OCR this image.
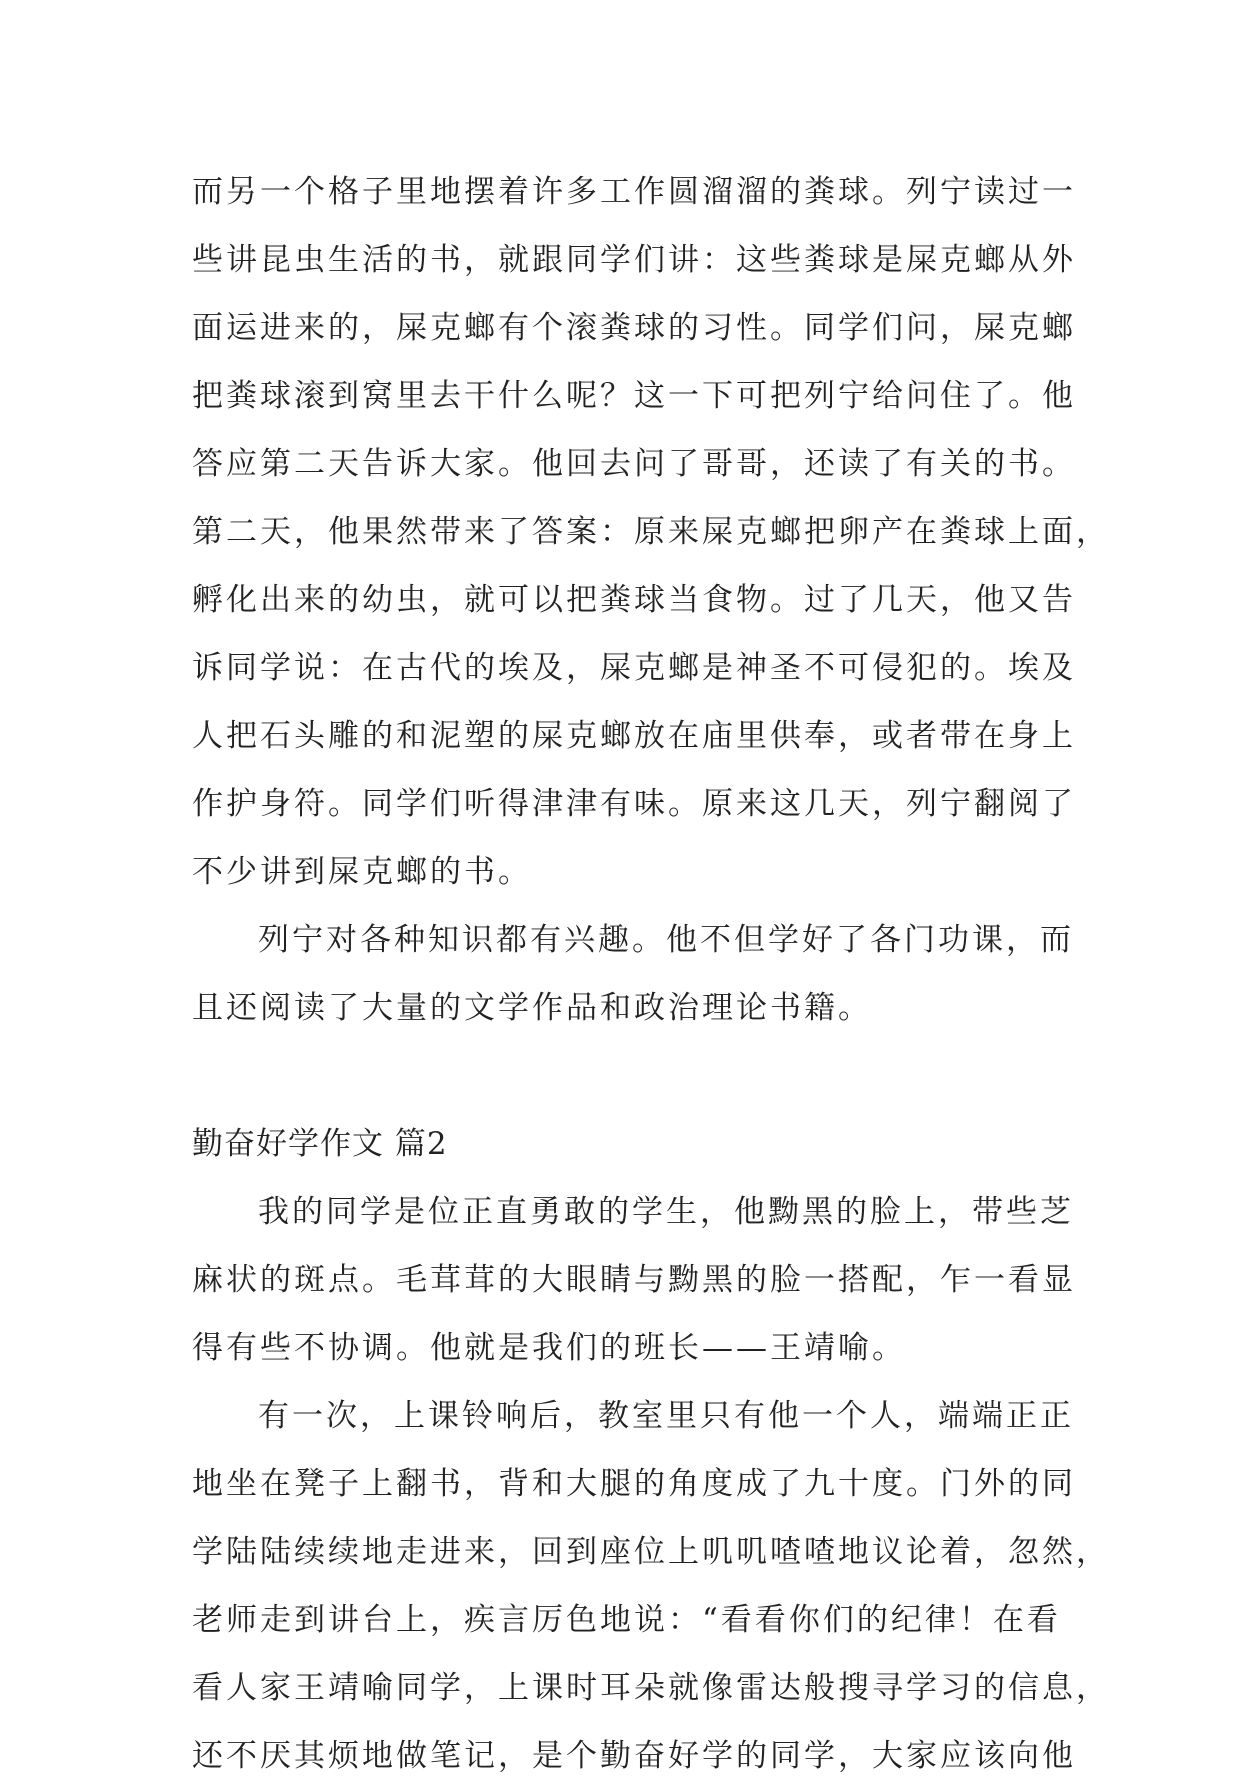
而另一个格子里地摆着许多工作圆溜溜的粪球。列宁读过一
些讲昆虫生活的书，就跟同学们讲：这些粪球是屎克螂从外
面运进来的，屎克螂有个滚粪球的习性。同学们问，屎克螂
把粪球滚到窝里去干什么呢？这一下可把列宁给问住了。他
答应第二天告诉大家。他回去问了哥哥，还读了有关的书。
第二天，他果然带来了答案：原来屎克螂把卵产在粪球上面，
孵化出来的幼虫，就可以把粪球当食物。过了几天，他又告
诉同学说：在古代的埃及，屎克螂是神圣不可侵犯的。埃及
人把石头雕的和泥塑的屎克螂放在庙里供奉，或者带在身上
作护身符。同学们听得津津有味。原来这几天，列宁翻阅了
不少讲到屎克螂的书。
列宁对各种知识都有兴趣。他不但学好了各门功课，而
且还阅读了大量的文学作品和政治理论书籍。
勤奋好学作文 篇2
我的同学是位正直勇敢的学生，他黝黑的脸上，带些芝
麻状的斑点。毛茸茸的大眼睛与黝黑的脸一搭配，乍一看显
得有些不协调。他就是我们的班长——王靖喻。
有一次，上课铃响后，教室里只有他一个人，端端正正
地坐在凳子上翻书，背和大腿的角度成了九十度。门外的同
学陆陆续续地走进来，回到座位上叽叽喳喳地议论着，忽然，
老师走到讲台上，疾言厉色地说：“看看你们的纪律！在看
看人家王靖喻同学，上课时耳朵就像雷达般搜寻学习的信息，
还不厌其烦地做笔记，是个勤奋好学的同学，大家应该向他
